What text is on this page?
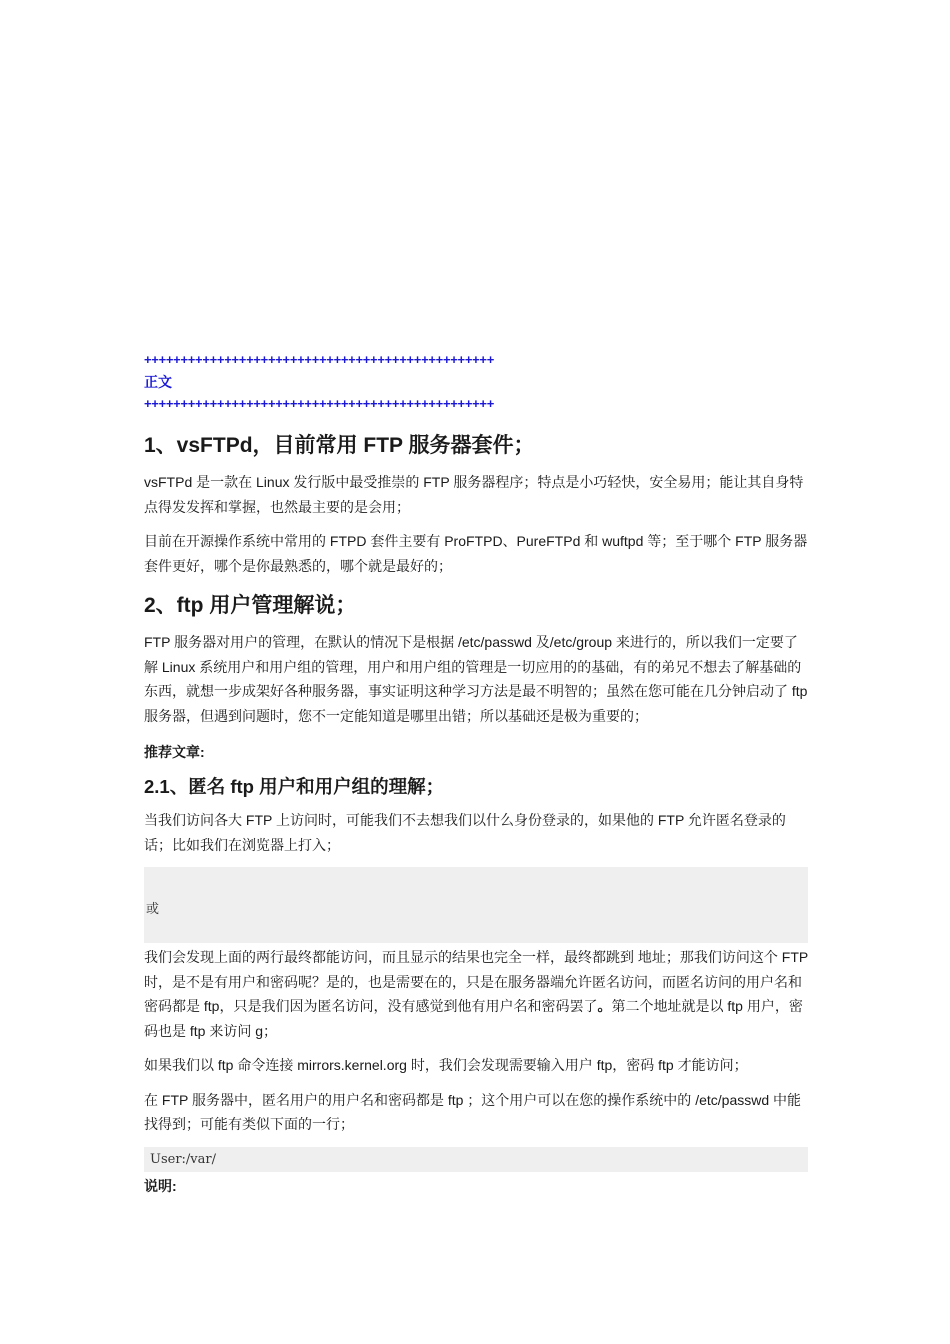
++++++++++++++++++++++++++++++++++++++++++++++++
正文
++++++++++++++++++++++++++++++++++++++++++++++++
1、vsFTPd，目前常用 FTP 服务器套件；

vsFTPd 是一款在 Linux 发行版中最受推崇的 FTP 服务器程序；特点是小巧轻快，安全易用；能让其自身特点得发发挥和掌握，也然最主要的是会用；

目前在开源操作系统中常用的 FTPD 套件主要有 ProFTPD、PureFTPd 和 wuftpd 等；至于哪个 FTP 服务器套件更好，哪个是你最熟悉的，哪个就是最好的；

2、ftp 用户管理解说；

FTP 服务器对用户的管理，在默认的情况下是根据 /etc/passwd 及/etc/group 来进行的，所以我们一定要了解 Linux 系统用户和用户组的管理，用户和用户组的管理是一切应用的的基础，有的弟兄不想去了解基础的东西，就想一步成架好各种服务器，事实证明这种学习方法是最不明智的；虽然在您可能在几分钟启动了 ftp 服务器，但遇到问题时，您不一定能知道是哪里出错；所以基础还是极为重要的；

推荐文章:
2.1、匿名 ftp 用户和用户组的理解；

当我们访问各大 FTP 上访问时，可能我们不去想我们以什么身份登录的，如果他的 FTP 允许匿名登录的话；比如我们在浏览器上打入；

或

我们会发现上面的两行最终都能访问，而且显示的结果也完全一样，最终都跳到 地址；那我们访问这个 FTP 时，是不是有用户和密码呢？是的，也是需要在的，只是在服务器端允许匿名访问，而匿名访问的用户名和密码都是 ftp，只是我们因为匿名访问，没有感觉到他有用户名和密码罢了。第二个地址就是以 ftp 用户，密码也是 ftp 来访问 g；

如果我们以 ftp 命令连接 mirrors.kernel.org 时，我们会发现需要输入用户 ftp，密码 ftp 才能访问；

在 FTP 服务器中，匿名用户的用户名和密码都是 ftp ；这个用户可以在您的操作系统中的 /etc/passwd 中能找得到；可能有类似下面的一行；

User:/var/
说明:
